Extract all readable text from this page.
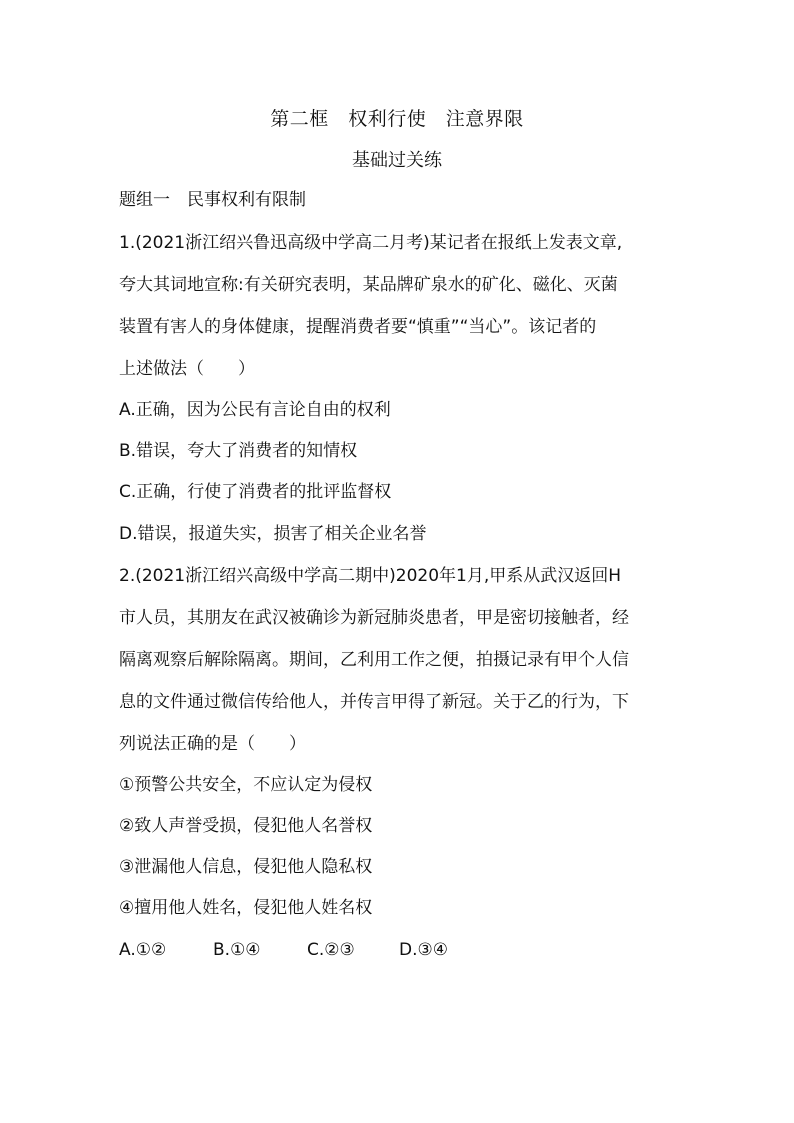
第二框　权利行使　注意界限
基础过关练
题组一　民事权利有限制
1.(2021浙江绍兴鲁迅高级中学高二月考)某记者在报纸上发表文章,
夸大其词地宣称:有关研究表明，某品牌矿泉水的矿化、磁化、灭菌
装置有害人的身体健康，提醒消费者要“慎重”“当心”。该记者的
上述做法（　　）
A.正确，因为公民有言论自由的权利
B.错误，夸大了消费者的知情权
C.正确，行使了消费者的批评监督权
D.错误，报道失实，损害了相关企业名誉
2.(2021浙江绍兴高级中学高二期中)2020年1月,甲系从武汉返回H
市人员，其朋友在武汉被确诊为新冠肺炎患者，甲是密切接触者，经
隔离观察后解除隔离。期间，乙利用工作之便，拍摄记录有甲个人信
息的文件通过微信传给他人，并传言甲得了新冠。关于乙的行为，下
列说法正确的是（　　）
①预警公共安全，不应认定为侵权
②致人声誉受损，侵犯他人名誉权
③泄漏他人信息，侵犯他人隐私权
④擅用他人姓名，侵犯他人姓名权
A.①②	B.①④	C.②③	D.③④
